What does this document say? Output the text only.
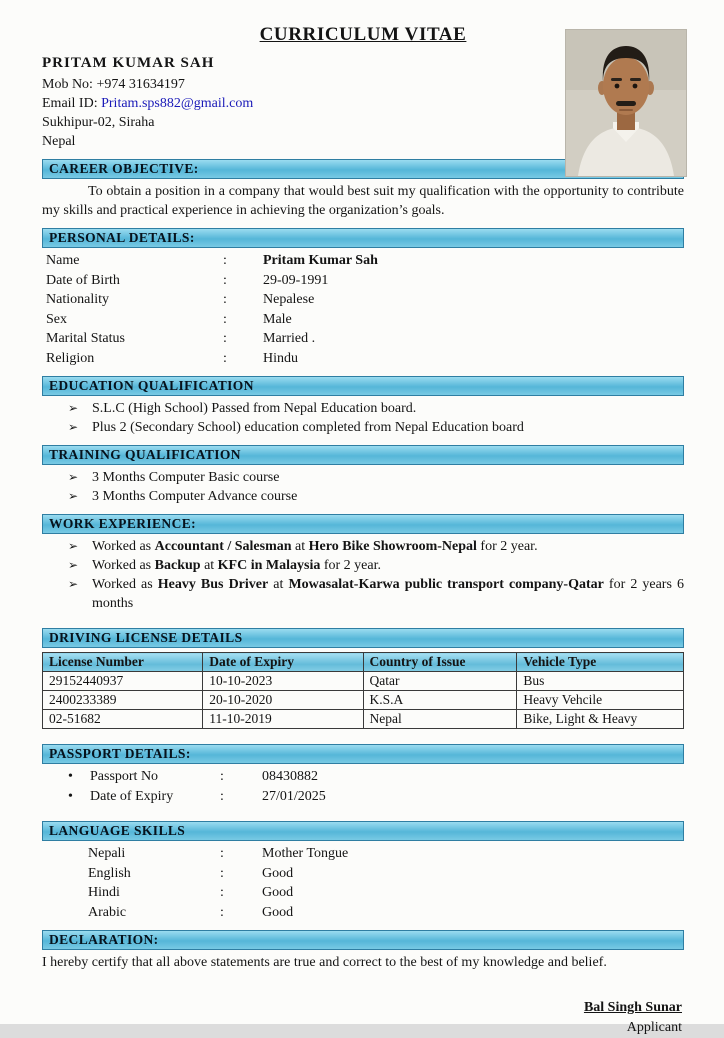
CURRICULUM VITAE
PRITAM KUMAR SAH
Mob No: +974 31634197
Email ID: Pritam.sps882@gmail.com
Sukhipur-02, Siraha
Nepal
CAREER OBJECTIVE:

To obtain a position in a company that would best suit my qualification with the opportunity to contribute my skills and practical experience in achieving the organization’s goals.

PERSONAL DETAILS:
Name	:	Pritam Kumar Sah
Date of Birth	:	29-09-1991
Nationality	:	Nepalese
Sex	:	Male
Marital Status	:	Married .
Religion	:	Hindu
EDUCATION QUALIFICATION
➢ S.L.C (High School) Passed from Nepal Education board.
➢ Plus 2 (Secondary School) education completed from Nepal Education board
TRAINING QUALIFICATION
➢ 3 Months Computer Basic course
➢ 3 Months Computer Advance course
WORK EXPERIENCE:
➢ Worked as Accountant / Salesman at Hero Bike Showroom-Nepal for 2 year.
➢ Worked as Backup at KFC in Malaysia for 2 year.
➢ Worked as Heavy Bus Driver at Mowasalat-Karwa public transport company-Qatar for 2 years 6 months
DRIVING LICENSE DETAILS
License Number	Date of Expiry	Country of Issue	Vehicle Type
29152440937	10-10-2023	Qatar	Bus
2400233389	20-10-2020	K.S.A	Heavy Vehcile
02-51682	11-10-2019	Nepal	Bike, Light & Heavy
PASSPORT DETAILS:
•	Passport No	:	08430882
•	Date of Expiry	:	27/01/2025
LANGUAGE SKILLS
Nepali	:	Mother Tongue
English	:	Good
Hindi	:	Good
Arabic	:	Good
DECLARATION:

I hereby certify that all above statements are true and correct to the best of my knowledge and belief.

Bal Singh Sunar
Applicant
